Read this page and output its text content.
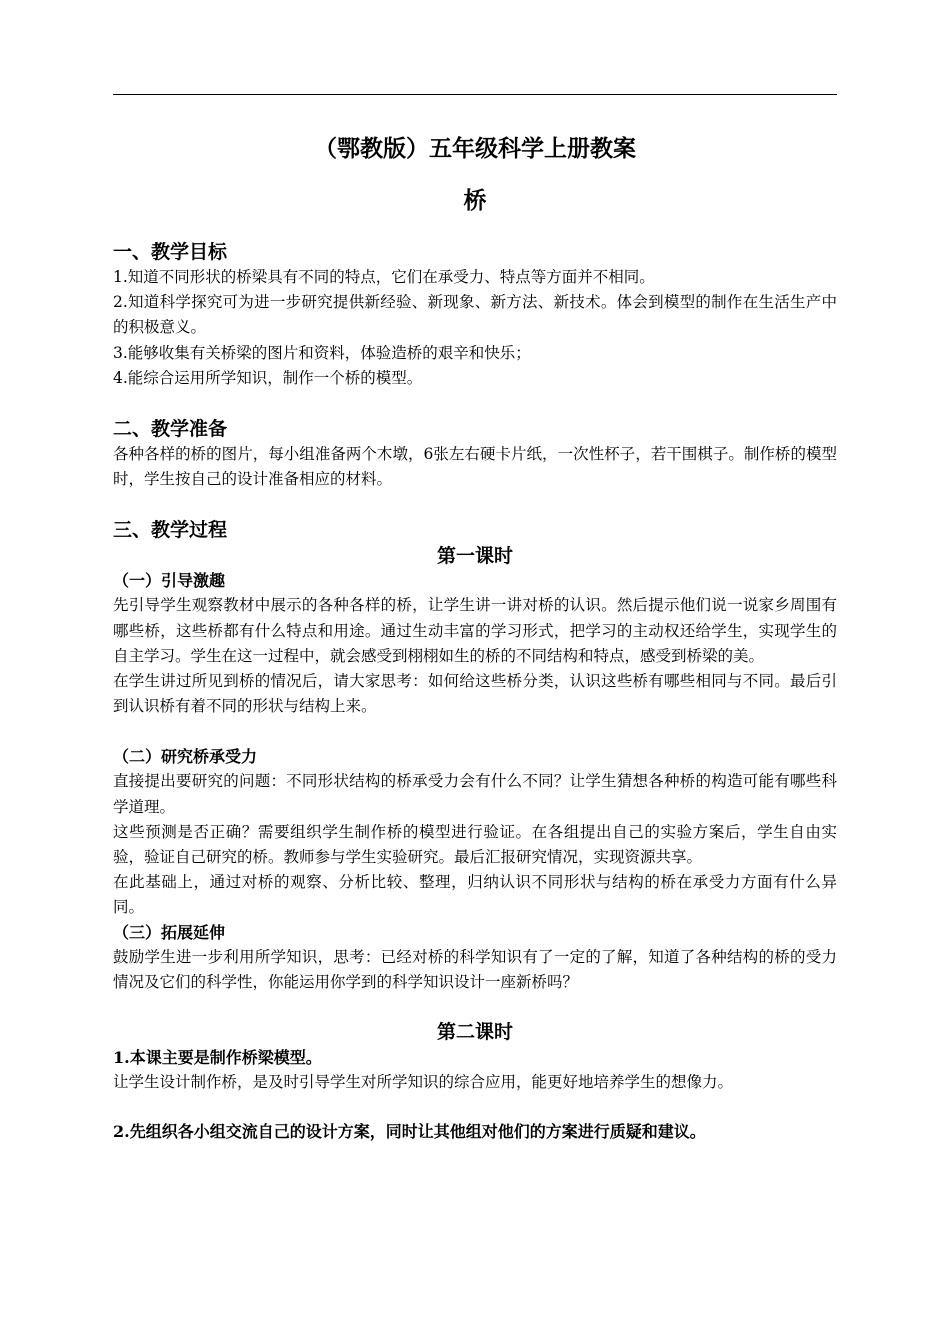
（鄂教版）五年级科学上册教案
桥
一、教学目标
1.知道不同形状的桥梁具有不同的特点，它们在承受力、特点等方面并不相同。
2.知道科学探究可为进一步研究提供新经验、新现象、新方法、新技术。体会到模型的制作在生活生产中的积极意义。
3.能够收集有关桥梁的图片和资料，体验造桥的艰辛和快乐；
4.能综合运用所学知识，制作一个桥的模型。
二、教学准备
各种各样的桥的图片，每小组准备两个木墩，6张左右硬卡片纸，一次性杯子，若干围棋子。制作桥的模型时，学生按自己的设计准备相应的材料。
三、教学过程
第一课时
（一）引导激趣
先引导学生观察教材中展示的各种各样的桥，让学生讲一讲对桥的认识。然后提示他们说一说家乡周围有哪些桥，这些桥都有什么特点和用途。通过生动丰富的学习形式，把学习的主动权还给学生，实现学生的自主学习。学生在这一过程中，就会感受到栩栩如生的桥的不同结构和特点，感受到桥梁的美。
在学生讲过所见到桥的情况后，请大家思考：如何给这些桥分类，认识这些桥有哪些相同与不同。最后引到认识桥有着不同的形状与结构上来。
（二）研究桥承受力
直接提出要研究的问题：不同形状结构的桥承受力会有什么不同？让学生猜想各种桥的构造可能有哪些科学道理。
这些预测是否正确？需要组织学生制作桥的模型进行验证。在各组提出自己的实验方案后，学生自由实验，验证自己研究的桥。教师参与学生实验研究。最后汇报研究情况，实现资源共享。
在此基础上，通过对桥的观察、分析比较、整理，归纳认识不同形状与结构的桥在承受力方面有什么异同。
（三）拓展延伸
鼓励学生进一步利用所学知识，思考：已经对桥的科学知识有了一定的了解，知道了各种结构的桥的受力情况及它们的科学性，你能运用你学到的科学知识设计一座新桥吗？
第二课时
1.本课主要是制作桥梁模型。
让学生设计制作桥，是及时引导学生对所学知识的综合应用，能更好地培养学生的想像力。
2.先组织各小组交流自己的设计方案，同时让其他组对他们的方案进行质疑和建议。
